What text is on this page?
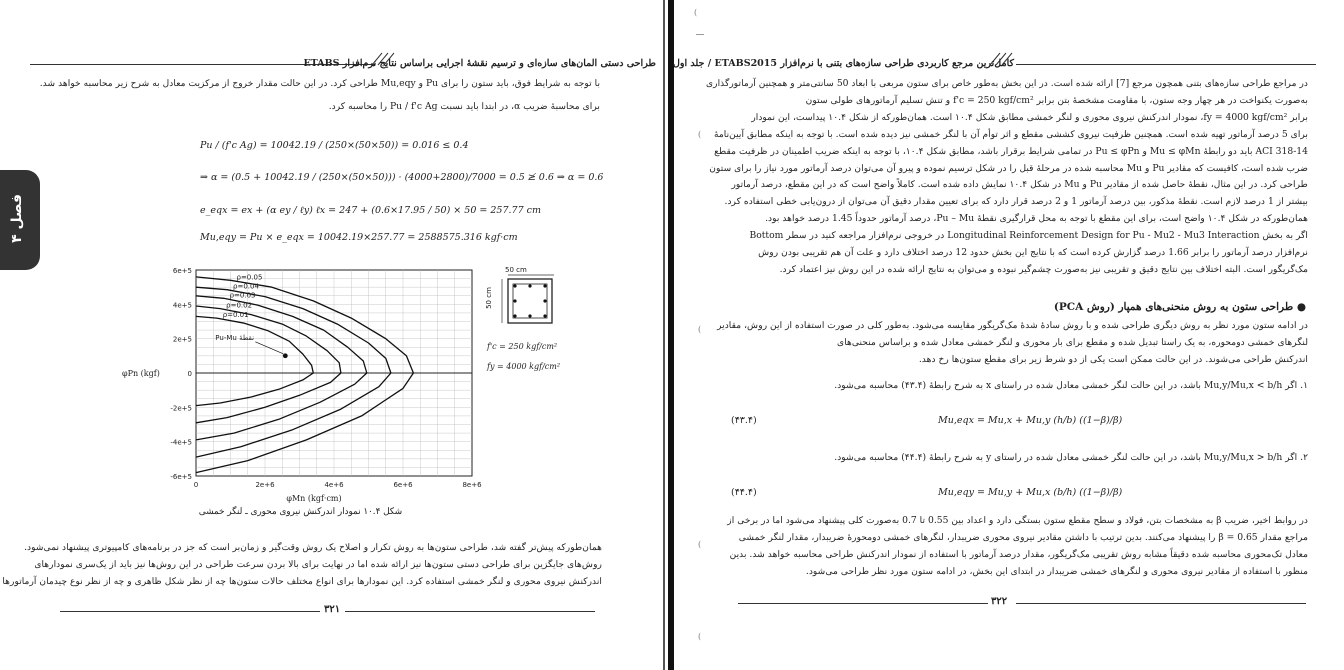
طراحی دستی المان‌های سازه‌ای و ترسیم نقشهٔ اجرایی براساس نتایج نرم‌افزار ETABS
فصل ۴
با توجه به شرایط فوق، باید ستون را برای Pu و Mu,eqy طراحی کرد. در این حالت مقدار خروج از مرکزیت معادل به شرح زیر محاسبه خواهد شد.
برای محاسبهٔ ضریب α، در ابتدا باید نسبت Pu / f'c Ag را محاسبه کرد.
Pu / (f'c Ag) = 10042.19 / (250×(50×50)) = 0.016 ≤ 0.4
⇒ α = (0.5 + 10042.19 / (250×(50×50))) · (4000+2800)/7000 = 0.5 ≱ 0.6 ⇒ α = 0.6
e_eqx = ex + (α ey / ℓy) ℓx = 247 + (0.6×17.95 / 50) × 50 = 257.77 cm
Mu,eqy = Pu × e_eqx = 10042.19×257.77 = 2588575.316 kgf·cm
0	2e+6	4e+6	6e+6	8e+6
6e+5
4e+5
2e+5
0
-2e+5
-4e+5
-6e+5
φMn (kgf·cm)
φPn (kgf)
ρ=0.05
ρ=0.04
ρ=0.03
ρ=0.02
ρ=0.01
Pu-Mu نقطهٔ
50 cm
50 cm
f'c = 250 kgf/cm²
fy = 4000 kgf/cm²
شکل ۱۰.۴ نمودار اندرکنش نیروی محوری ـ لنگر خمشی
همان‌طورکه پیش‌تر گفته شد، طراحی ستون‌ها به روش تکرار و اصلاح یک روش وقت‌گیر و زمان‌بر است که جز در برنامه‌های کامپیوتری پیشنهاد نمی‌شود.
روش‌های جایگزین برای طراحی دستی ستون‌ها نیز ارائه شده اما در نهایت برای بالا بردن سرعت طراحی در این روش‌ها نیز باید از یک‌سری نمودارهای
اندرکنش نیروی محوری و لنگر خمشی استفاده کرد. این نمودارها برای انواع مختلف حالات ستون‌ها چه از نظر شکل ظاهری و چه از نظر نوع چیدمان آرماتورها
۳۲۱
(
(
(
(
(
کامل‌ترین مرجع کاربردی طراحی سازه‌های بتنی با نرم‌افزار ETABS2015 / جلد اول
در مراجع طراحی سازه‌های بتنی همچون مرجع [7] ارائه شده است. در این بخش به‌طور خاص برای ستون مربعی با ابعاد 50 سانتی‌متر و همچنین آرماتورگذاری
به‌صورت یکنواخت در هر چهار وجه ستون، با مقاومت مشخصهٔ بتن برابر f'c = 250 kgf/cm² و تنش تسلیم آرماتورهای طولی ستون
برابر fy = 4000 kgf/cm²، نمودار اندرکنش نیروی محوری و لنگر خمشی مطابق شکل ۱۰.۴ است. همان‌طورکه از شکل ۱۰.۴ پیداست، این نمودار
برای 5 درصد آرماتور تهیه شده است. همچنین ظرفیت نیروی کششی مقطع و اثر توأم آن با لنگر خمشی نیز دیده شده است. با توجه به اینکه مطابق آیین‌نامهٔ
ACI 318-14 باید دو رابطهٔ Mu ≤ φMn و Pu ≤ φPn در تمامی شرایط برقرار باشد، مطابق شکل ۱۰.۴، با توجه به اینکه ضریب اطمینان در ظرفیت مقطع
ضرب شده است، کافیست که مقادیر Pu و Mu محاسبه شده در مرحلهٔ قبل را در شکل ترسیم نموده و پیرو آن می‌توان درصد آرماتور مورد نیاز را برای ستون
طراحی کرد. در این مثال، نقطهٔ حاصل شده از مقادیر Pu و Mu در شکل ۱۰.۴ نمایش داده شده است. کاملاً واضح است که در این مقطع، درصد آرماتور
بیشتر از 1 درصد لازم است. نقطهٔ مذکور، بین درصد آرماتور 1 و 2 درصد قرار دارد که برای تعیین مقدار دقیق آن می‌توان از درون‌یابی خطی استفاده کرد.
همان‌طورکه در شکل ۱۰.۴ واضح است، برای این مقطع با توجه به محل قرارگیری نقطهٔ Pu – Mu، درصد آرماتور حدوداً 1.45 درصد خواهد بود.
اگر به بخش Longitudinal Reinforcement Design for Pu - Mu2 - Mu3 Interaction در خروجی نرم‌افزار مراجعه کنید در سطر Bottom
نرم‌افزار درصد آرماتور را برابر 1.66 درصد گزارش کرده است که با نتایج این بخش حدود 12 درصد اختلاف دارد و علت آن هم تقریبی بودن روش
مک‌گریگور است. البته اختلاف بین نتایج دقیق و تقریبی نیز به‌صورت چشم‌گیر نبوده و می‌توان به نتایج ارائه شده در این روش نیز اعتماد کرد.
● طراحی ستون به روش منحنی‌های همپار (روش PCA)
در ادامه ستون مورد نظر به روش دیگری طراحی شده و با روش سادهٔ شدهٔ مک‌گریگور مقایسه می‌شود. به‌طور کلی در صورت استفاده از این روش، مقادیر
لنگرهای خمشی دومحوره، به یک راستا تبدیل شده و مقطع برای بار محوری و لنگر خمشی معادل شده و براساس منحنی‌های
اندرکنش طراحی می‌شوند. در این حالت ممکن است یکی از دو شرط زیر برای مقطع ستون‌ها رخ دهد.
۱. اگر Mu,y/Mu,x < b/h باشد، در این حالت لنگر خمشی معادل شده در راستای x به شرح رابطهٔ (۴۳.۴) محاسبه می‌شود.
Mu,eqx = Mu,x + Mu,y (h/b) ((1−β)/β)
(۴۳.۴)
۲. اگر Mu,y/Mu,x > b/h باشد، در این حالت لنگر خمشی معادل شده در راستای y به شرح رابطهٔ (۴۴.۴) محاسبه می‌شود.
Mu,eqy = Mu,y + Mu,x (b/h) ((1−β)/β)
(۴۴.۴)
در روابط اخیر، ضریب β به مشخصات بتن، فولاد و سطح مقطع ستون بستگی دارد و اعداد بین 0.55 تا 0.7 به‌صورت کلی پیشنهاد می‌شود اما در برخی از
مراجع مقدار β = 0.65 را پیشنهاد می‌کنند. بدین ترتیب با داشتن مقادیر نیروی محوری ضریبدار، لنگرهای خمشی دومحورهٔ ضریبدار، مقدار لنگر خمشی
معادل تک‌محوری محاسبه شده دقیقاً مشابه روش تقریبی مک‌گریگور، مقدار درصد آرماتور با استفاده از نمودار اندرکنش طراحی محاسبه خواهد شد. بدین
منظور با استفاده از مقادیر نیروی محوری و لنگرهای خمشی ضریبدار در ابتدای این بخش، در ادامه ستون مورد نظر طراحی می‌شود.
۳۲۲
